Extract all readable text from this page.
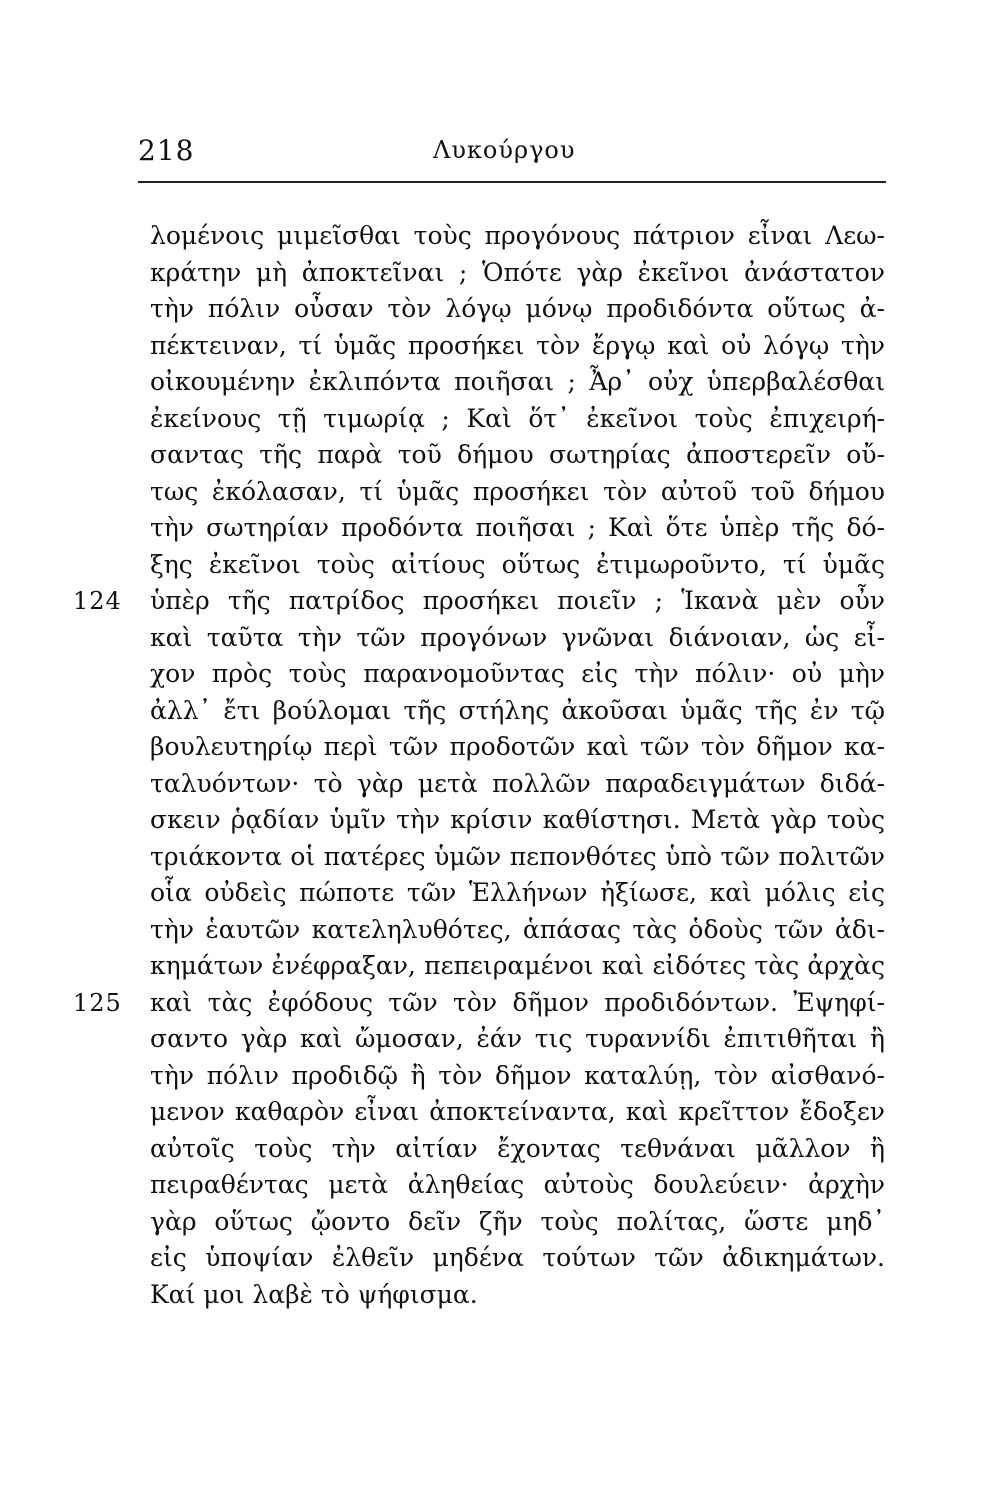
218	Λυκούργου
λομένοις μιμεῖσθαι τοὺς προγόνους πάτριον εἶναι Λεω-
κράτην μὴ ἀποκτεῖναι ; Ὁπότε γὰρ ἐκεῖνοι ἀνάστατον
τὴν πόλιν οὖσαν τὸν λόγῳ μόνῳ προδιδόντα οὕτως ἀ-
πέκτειναν, τί ὑμᾶς προσήκει τὸν ἔργῳ καὶ οὐ λόγῳ τὴν
οἰκουμένην ἐκλιπόντα ποιῆσαι ; Ἆρ᾽ οὐχ ὑπερβαλέσθαι
ἐκείνους τῇ τιμωρίᾳ ; Καὶ ὅτ᾽ ἐκεῖνοι τοὺς ἐπιχειρή-
σαντας τῆς παρὰ τοῦ δήμου σωτηρίας ἀποστερεῖν οὔ-
τως ἐκόλασαν, τί ὑμᾶς προσήκει τὸν αὐτοῦ τοῦ δήμου
τὴν σωτηρίαν προδόντα ποιῆσαι ; Καὶ ὅτε ὑπὲρ τῆς δό-
ξης ἐκεῖνοι τοὺς αἰτίους οὕτως ἐτιμωροῦντο, τί ὑμᾶς
124 ὑπὲρ τῆς πατρίδος προσήκει ποιεῖν ; Ἱκανὰ μὲν οὖν
καὶ ταῦτα τὴν τῶν προγόνων γνῶναι διάνοιαν, ὡς εἶ-
χον πρὸς τοὺς παρανομοῦντας εἰς τὴν πόλιν· οὐ μὴν
ἀλλ᾽ ἔτι βούλομαι τῆς στήλης ἀκοῦσαι ὑμᾶς τῆς ἐν τῷ
βουλευτηρίῳ περὶ τῶν προδοτῶν καὶ τῶν τὸν δῆμον κα-
ταλυόντων· τὸ γὰρ μετὰ πολλῶν παραδειγμάτων διδά-
σκειν ῥᾳδίαν ὑμῖν τὴν κρίσιν καθίστησι. Μετὰ γὰρ τοὺς
τριάκοντα οἱ πατέρες ὑμῶν πεπονθότες ὑπὸ τῶν πολιτῶν
οἷα οὐδεὶς πώποτε τῶν Ἑλλήνων ἠξίωσε, καὶ μόλις εἰς
τὴν ἑαυτῶν κατεληλυθότες, ἁπάσας τὰς ὁδοὺς τῶν ἀδι-
κημάτων ἐνέφραξαν, πεπειραμένοι καὶ εἰδότες τὰς ἀρχὰς
125 καὶ τὰς ἐφόδους τῶν τὸν δῆμον προδιδόντων. Ἐψηφί-
σαντο γὰρ καὶ ὤμοσαν, ἐάν τις τυραννίδι ἐπιτιθῆται ἢ
τὴν πόλιν προδιδῷ ἢ τὸν δῆμον καταλύῃ, τὸν αἰσθανό-
μενον καθαρὸν εἶναι ἀποκτείναντα, καὶ κρεῖττον ἔδοξεν
αὐτοῖς τοὺς τὴν αἰτίαν ἔχοντας τεθνάναι μᾶλλον ἢ
πειραθέντας μετὰ ἀληθείας αὐτοὺς δουλεύειν· ἀρχὴν
γὰρ οὕτως ᾤοντο δεῖν ζῆν τοὺς πολίτας, ὥστε μηδ᾽
εἰς ὑποψίαν ἐλθεῖν μηδένα τούτων τῶν ἀδικημάτων.
Καί μοι λαβὲ τὸ ψήφισμα.
